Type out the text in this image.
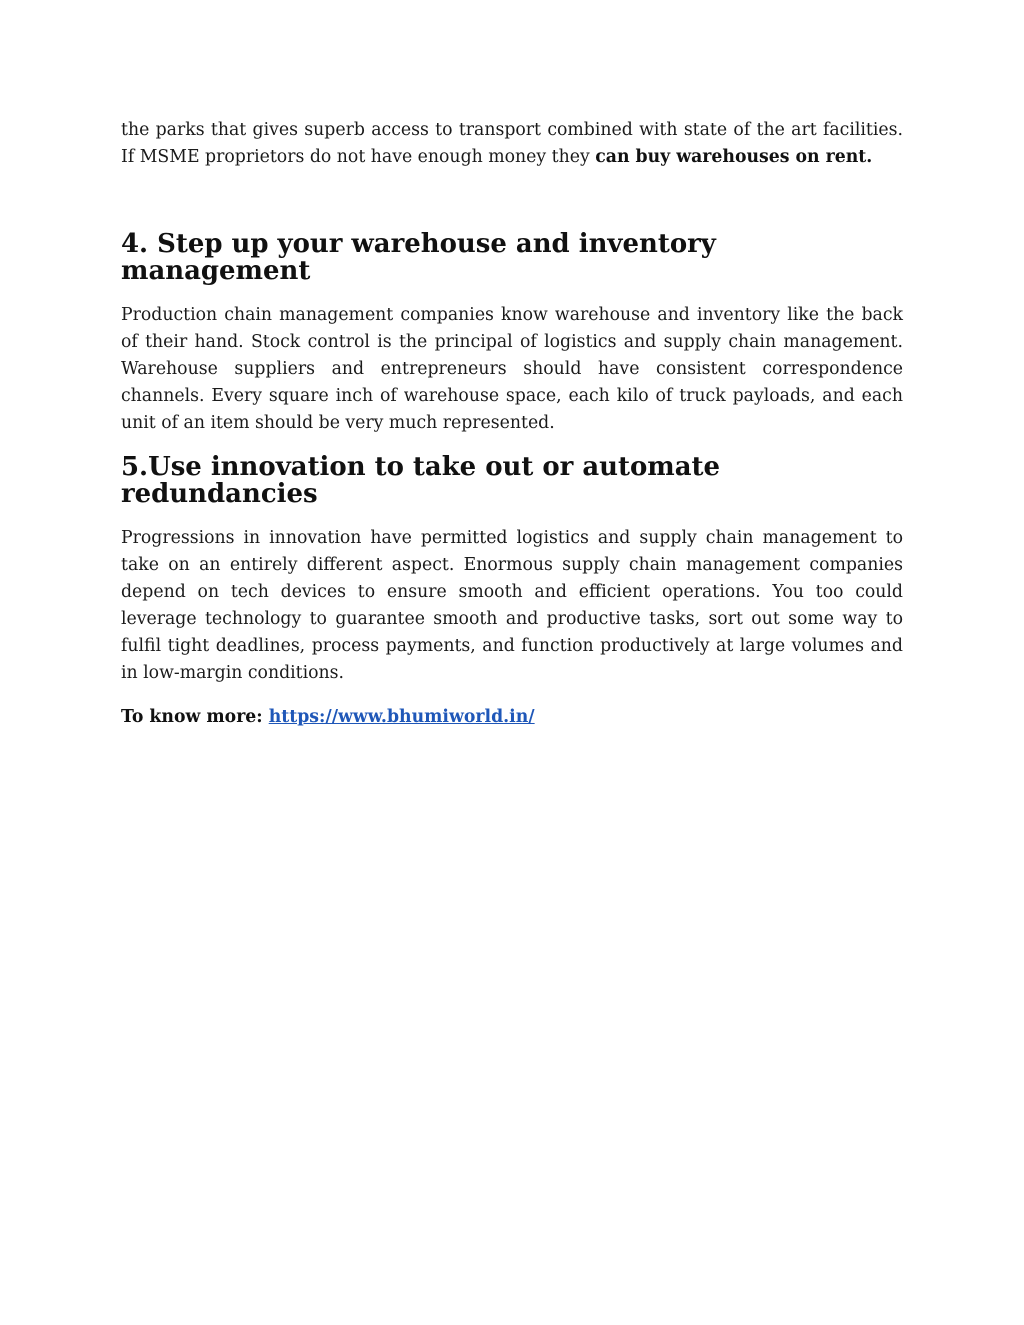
the parks that gives superb access to transport combined with state of the art facilities. If MSME proprietors do not have enough money they can buy warehouses on rent.

4. Step up your warehouse and inventory management

Production chain management companies know warehouse and inventory like the back of their hand. Stock control is the principal of logistics and supply chain management. Warehouse suppliers and entrepreneurs should have consistent correspondence channels. Every square inch of warehouse space, each kilo of truck payloads, and each unit of an item should be very much represented.

5.Use innovation to take out or automate redundancies

Progressions in innovation have permitted logistics and supply chain management to take on an entirely different aspect. Enormous supply chain management companies depend on tech devices to ensure smooth and efficient operations. You too could leverage technology to guarantee smooth and productive tasks, sort out some way to fulfil tight deadlines, process payments, and function productively at large volumes and in low-margin conditions.

To know more: https://www.bhumiworld.in/
